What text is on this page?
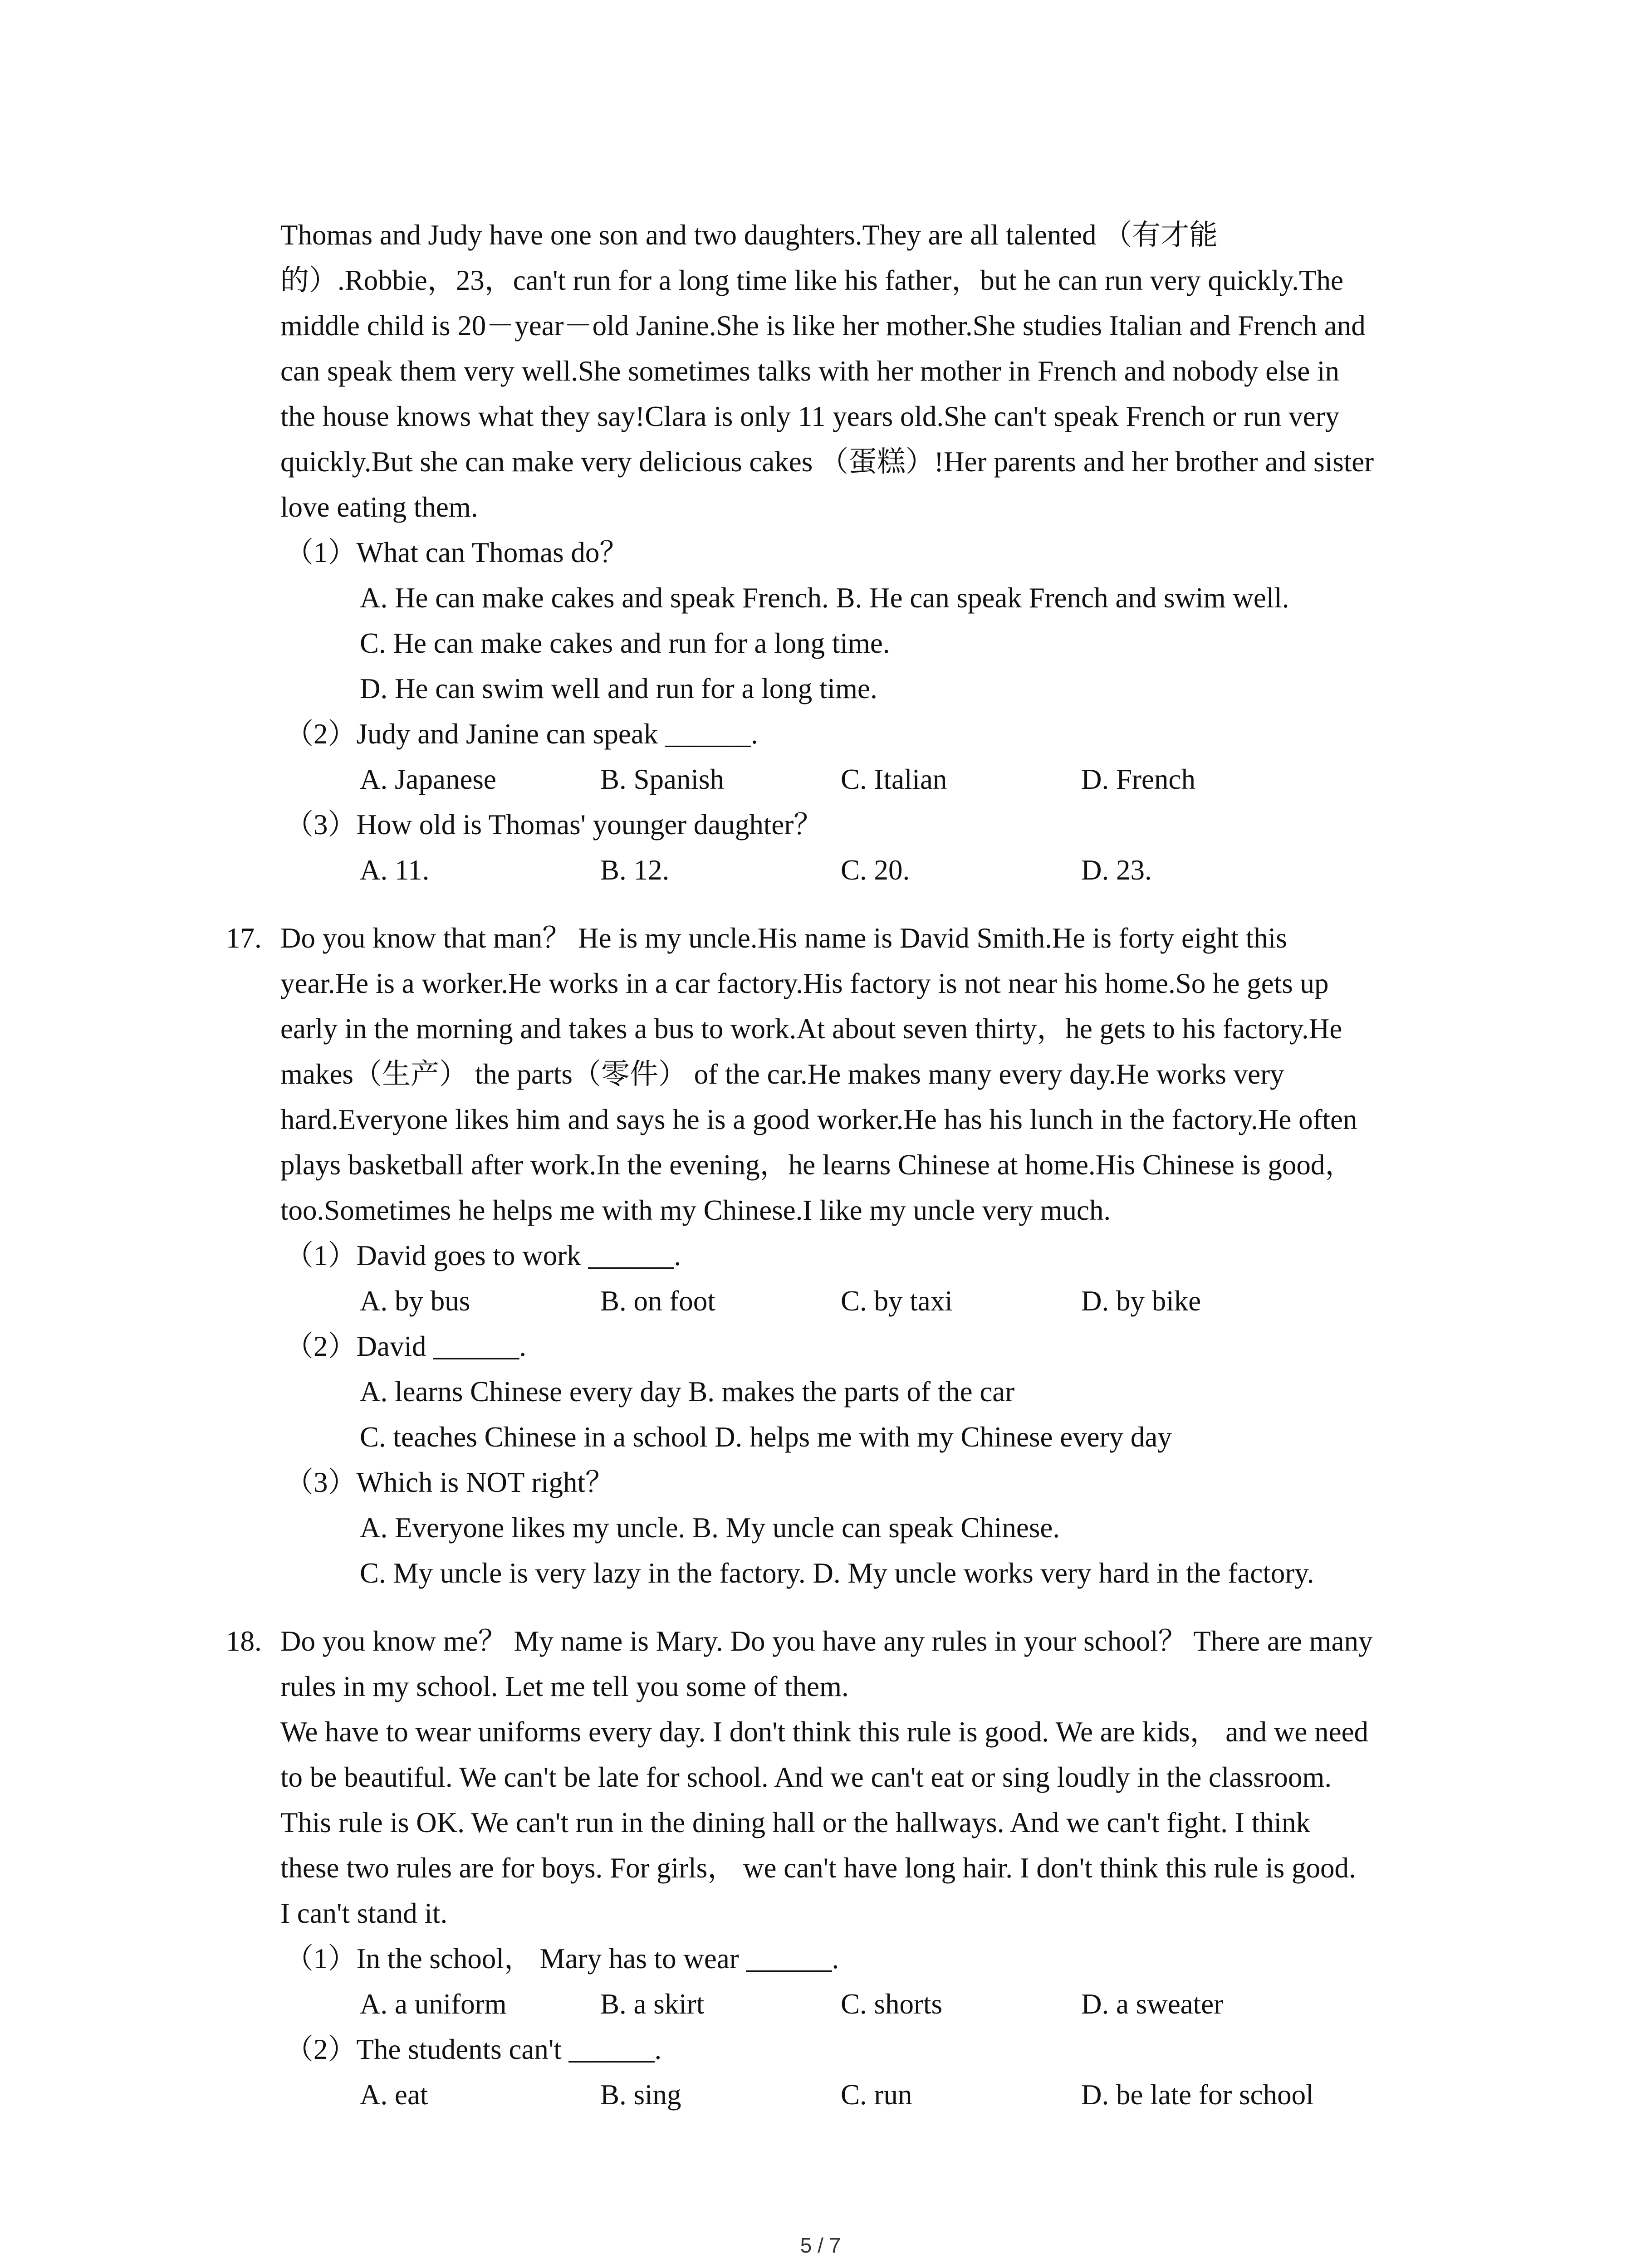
Thomas and Judy have one son and two daughters.They are all talented （有才能
的）.Robbie，23，can't run for a long time like his father，but he can run very quickly.The
middle child is 20－year－old Janine.She is like her mother.She studies Italian and French and
can speak them very well.She sometimes talks with her mother in French and nobody else in
the house knows what they say!Clara is only 11 years old.She can't speak French or run very
quickly.But she can make very delicious cakes （蛋糕）!Her parents and her brother and sister
love eating them.
（1）What can Thomas do？
A. He can make cakes and speak French. B. He can speak French and swim well.
C. He can make cakes and run for a long time.
D. He can swim well and run for a long time.
（2）Judy and Janine can speak ______.
A. Japanese	B. Spanish	C. Italian	D. French
（3）How old is Thomas' younger daughter？
A. 11.	B. 12.	C. 20.	D. 23.
17. Do you know that man？ He is my uncle.His name is David Smith.He is forty eight this
year.He is a worker.He works in a car factory.His factory is not near his home.So he gets up
early in the morning and takes a bus to work.At about seven thirty，he gets to his factory.He
makes（生产） the parts（零件） of the car.He makes many every day.He works very
hard.Everyone likes him and says he is a good worker.He has his lunch in the factory.He often
plays basketball after work.In the evening，he learns Chinese at home.His Chinese is good，
too.Sometimes he helps me with my Chinese.I like my uncle very much.
（1）David goes to work ______.
A. by bus	B. on foot	C. by taxi	D. by bike
（2）David ______.
A. learns Chinese every day B. makes the parts of the car
C. teaches Chinese in a school D. helps me with my Chinese every day
（3）Which is NOT right？
A. Everyone likes my uncle. B. My uncle can speak Chinese.
C. My uncle is very lazy in the factory. D. My uncle works very hard in the factory.
18. Do you know me？ My name is Mary. Do you have any rules in your school？ There are many
rules in my school. Let me tell you some of them.
We have to wear uniforms every day. I don't think this rule is good. We are kids， and we need
to be beautiful. We can't be late for school. And we can't eat or sing loudly in the classroom.
This rule is OK. We can't run in the dining hall or the hallways. And we can't fight. I think
these two rules are for boys. For girls， we can't have long hair. I don't think this rule is good.
I can't stand it.
（1）In the school， Mary has to wear ______.
A. a uniform	B. a skirt	C. shorts	D. a sweater
（2）The students can't ______.
A. eat	B. sing	C. run	D. be late for school
5 / 7
